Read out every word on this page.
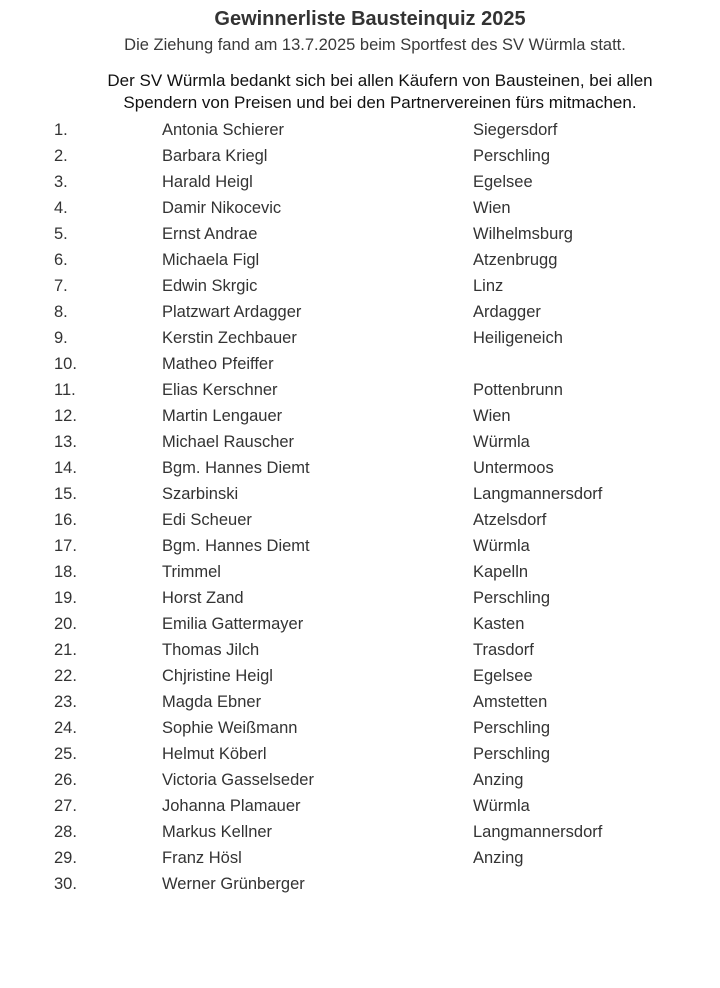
Gewinnerliste Bausteinquiz 2025
Die Ziehung fand am 13.7.2025 beim Sportfest des SV Würmla statt.
Der SV Würmla bedankt sich bei allen Käufern von Bausteinen, bei allen
Spendern von Preisen und bei den Partnervereinen fürs mitmachen.
1.	Antonia Schierer	Siegersdorf
2.	Barbara Kriegl	Perschling
3.	Harald Heigl	Egelsee
4.	Damir Nikocevic	Wien
5.	Ernst Andrae	Wilhelmsburg
6.	Michaela Figl	Atzenbrugg
7.	Edwin Skrgic	Linz
8.	Platzwart Ardagger	Ardagger
9.	Kerstin Zechbauer	Heiligeneich
10.	Matheo Pfeiffer
11.	Elias Kerschner	Pottenbrunn
12.	Martin Lengauer	Wien
13.	Michael Rauscher	Würmla
14.	Bgm. Hannes Diemt	Untermoos
15.	Szarbinski	Langmannersdorf
16.	Edi Scheuer	Atzelsdorf
17.	Bgm. Hannes Diemt	Würmla
18.	Trimmel	Kapelln
19.	Horst Zand	Perschling
20.	Emilia Gattermayer	Kasten
21.	Thomas Jilch	Trasdorf
22.	Chjristine Heigl	Egelsee
23.	Magda Ebner	Amstetten
24.	Sophie Weißmann	Perschling
25.	Helmut Köberl	Perschling
26.	Victoria Gasselseder	Anzing
27.	Johanna Plamauer	Würmla
28.	Markus Kellner	Langmannersdorf
29.	Franz Hösl	Anzing
30.	Werner Grünberger
